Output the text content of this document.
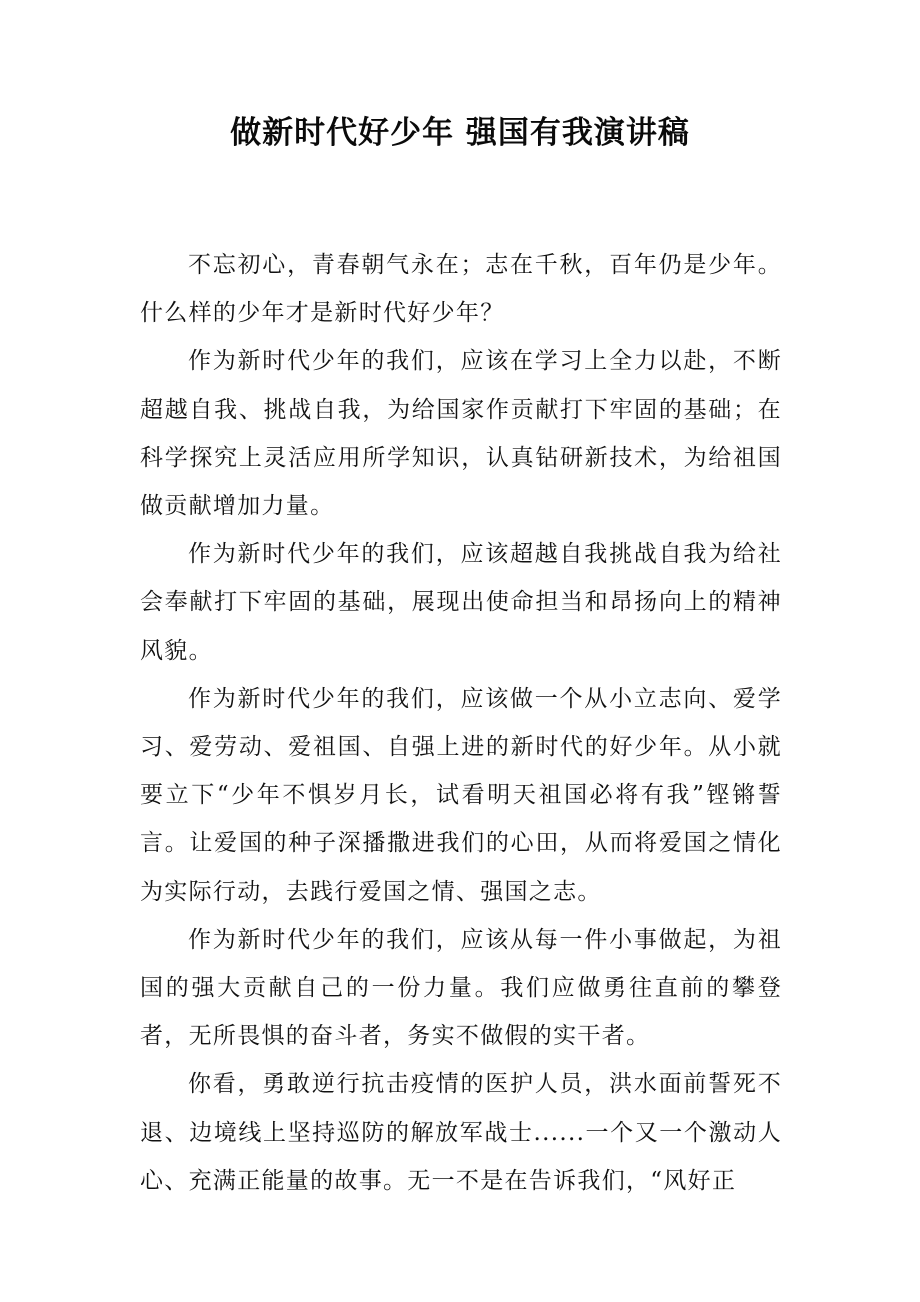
做新时代好少年 强国有我演讲稿

不忘初心，青春朝气永在；志在千秋，百年仍是少年。什么样的少年才是新时代好少年？

作为新时代少年的我们，应该在学习上全力以赴，不断超越自我、挑战自我，为给国家作贡献打下牢固的基础；在科学探究上灵活应用所学知识，认真钻研新技术，为给祖国做贡献增加力量。

作为新时代少年的我们，应该超越自我挑战自我为给社会奉献打下牢固的基础，展现出使命担当和昂扬向上的精神风貌。

作为新时代少年的我们，应该做一个从小立志向、爱学习、爱劳动、爱祖国、自强上进的新时代的好少年。从小就要立下“少年不惧岁月长，试看明天祖国必将有我”铿锵誓言。让爱国的种子深播撒进我们的心田，从而将爱国之情化为实际行动，去践行爱国之情、强国之志。

作为新时代少年的我们，应该从每一件小事做起，为祖国的强大贡献自己的一份力量。我们应做勇往直前的攀登者，无所畏惧的奋斗者，务实不做假的实干者。

你看，勇敢逆行抗击疫情的医护人员，洪水面前誓死不退、边境线上坚持巡防的解放军战士......一个又一个激动人心、充满正能量的故事。无一不是在告诉我们，“风好正
